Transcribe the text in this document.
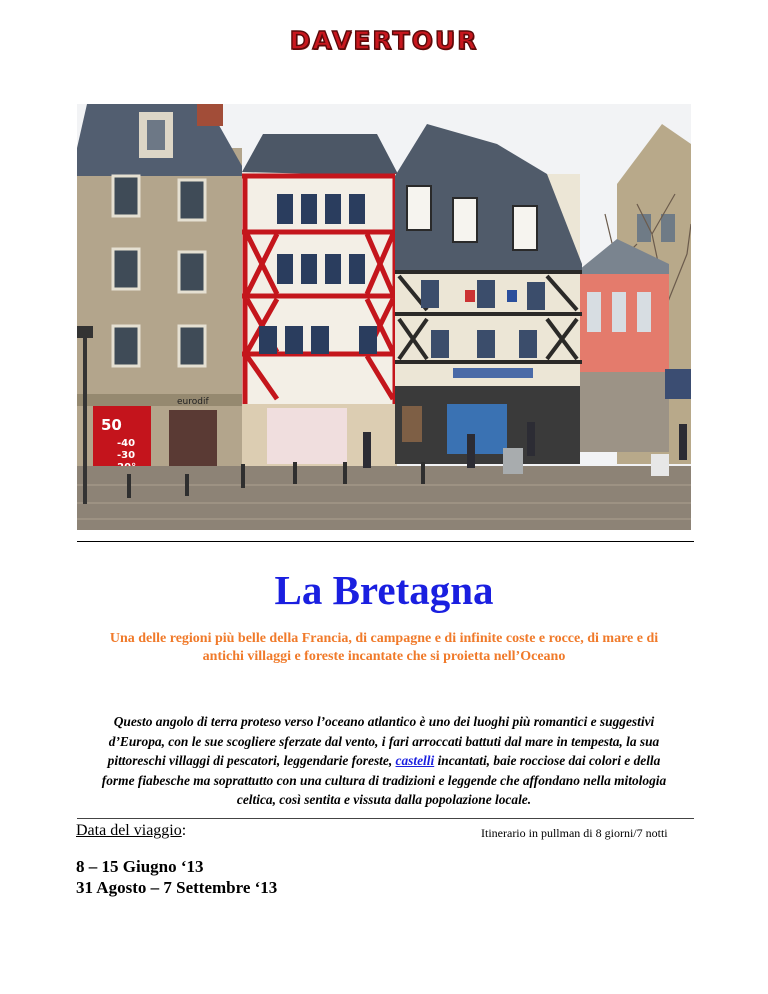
DAVERTOUR
50
-40
-30
eurodif
La Bretagna
Una delle regioni più belle della Francia, di campagne e di infinite coste e rocce, di mare e di
antichi villaggi e foreste incantate che si proietta nell’Oceano
Questo angolo di terra proteso verso l’oceano atlantico è uno dei luoghi più romantici e suggestivi
d’Europa, con le sue scogliere sferzate dal vento, i fari arroccati battuti dal mare in tempesta, la sua
pittoreschi villaggi di pescatori, leggendarie foreste, castelli incantati, baie rocciose dai colori e della
forme fiabesche ma soprattutto con una cultura di tradizioni e leggende che affondano nella mitologia
celtica, così sentita e vissuta dalla popolazione locale.
Data del viaggio:	Itinerario in pullman di 8 giorni/7 notti
8 – 15 Giugno ‘13
31 Agosto – 7 Settembre ‘13
